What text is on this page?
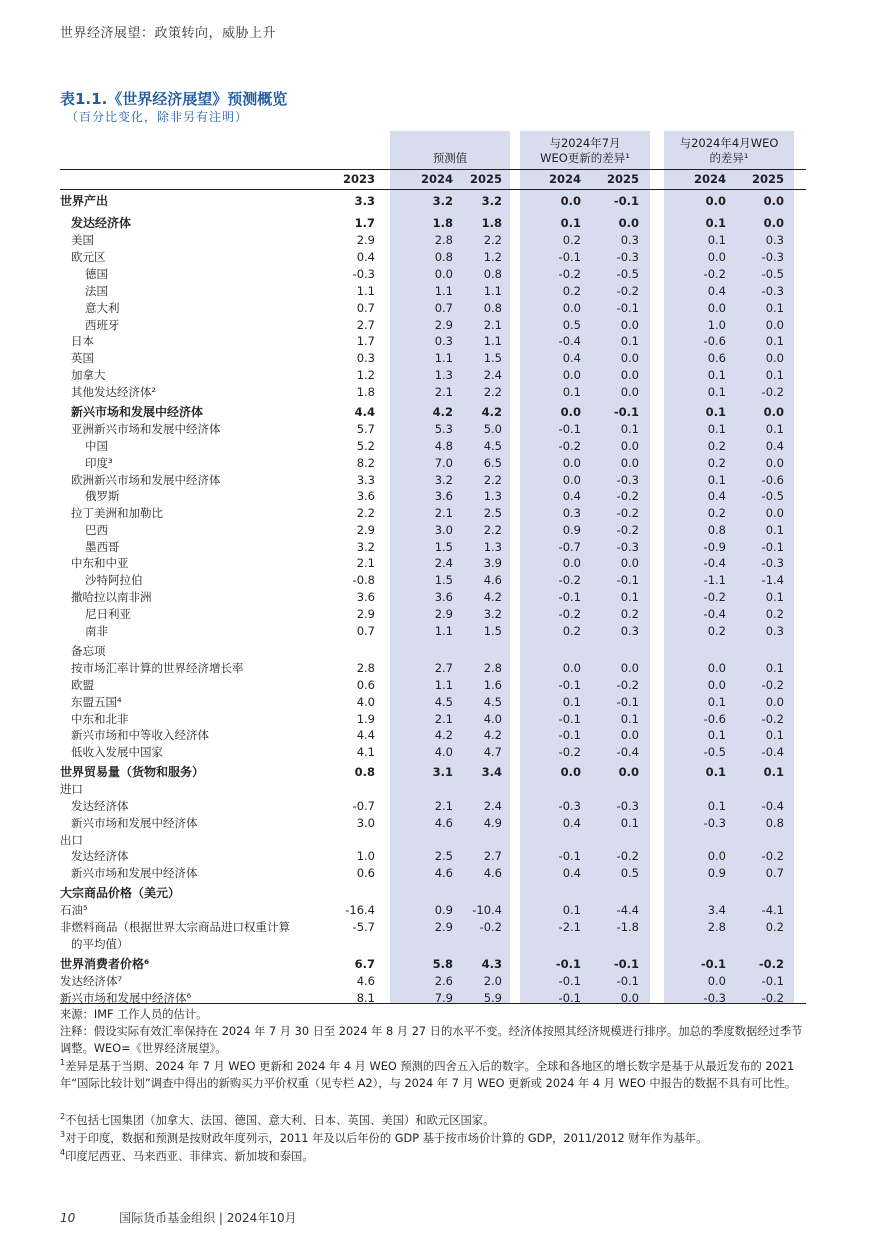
世界经济展望：政策转向，威胁上升
表1.1.《世界经济展望》预测概览
（百分比变化，除非另有注明）
预测值
与2024年7月WEO更新的差异¹
与2024年4月WEO的差异¹
2023	2024	2025	2024	2025	2024	2025
世界产出	3.3	3.2	3.2	0.0	-0.1	0.0	0.0
发达经济体	1.7	1.8	1.8	0.1	0.0	0.1	0.0
美国	2.9	2.8	2.2	0.2	0.3	0.1	0.3
欧元区	0.4	0.8	1.2	-0.1	-0.3	0.0	-0.3
德国	-0.3	0.0	0.8	-0.2	-0.5	-0.2	-0.5
法国	1.1	1.1	1.1	0.2	-0.2	0.4	-0.3
意大利	0.7	0.7	0.8	0.0	-0.1	0.0	0.1
西班牙	2.7	2.9	2.1	0.5	0.0	1.0	0.0
日本	1.7	0.3	1.1	-0.4	0.1	-0.6	0.1
英国	0.3	1.1	1.5	0.4	0.0	0.6	0.0
加拿大	1.2	1.3	2.4	0.0	0.0	0.1	0.1
其他发达经济体²	1.8	2.1	2.2	0.1	0.0	0.1	-0.2
新兴市场和发展中经济体	4.4	4.2	4.2	0.0	-0.1	0.1	0.0
亚洲新兴市场和发展中经济体	5.7	5.3	5.0	-0.1	0.1	0.1	0.1
中国	5.2	4.8	4.5	-0.2	0.0	0.2	0.4
印度³	8.2	7.0	6.5	0.0	0.0	0.2	0.0
欧洲新兴市场和发展中经济体	3.3	3.2	2.2	0.0	-0.3	0.1	-0.6
俄罗斯	3.6	3.6	1.3	0.4	-0.2	0.4	-0.5
拉丁美洲和加勒比	2.2	2.1	2.5	0.3	-0.2	0.2	0.0
巴西	2.9	3.0	2.2	0.9	-0.2	0.8	0.1
墨西哥	3.2	1.5	1.3	-0.7	-0.3	-0.9	-0.1
中东和中亚	2.1	2.4	3.9	0.0	0.0	-0.4	-0.3
沙特阿拉伯	-0.8	1.5	4.6	-0.2	-0.1	-1.1	-1.4
撒哈拉以南非洲	3.6	3.6	4.2	-0.1	0.1	-0.2	0.1
尼日利亚	2.9	2.9	3.2	-0.2	0.2	-0.4	0.2
南非	0.7	1.1	1.5	0.2	0.3	0.2	0.3
备忘项
按市场汇率计算的世界经济增长率	2.8	2.7	2.8	0.0	0.0	0.0	0.1
欧盟	0.6	1.1	1.6	-0.1	-0.2	0.0	-0.2
东盟五国⁴	4.0	4.5	4.5	0.1	-0.1	0.1	0.0
中东和北非	1.9	2.1	4.0	-0.1	0.1	-0.6	-0.2
新兴市场和中等收入经济体	4.4	4.2	4.2	-0.1	0.0	0.1	0.1
低收入发展中国家	4.1	4.0	4.7	-0.2	-0.4	-0.5	-0.4
世界贸易量（货物和服务）	0.8	3.1	3.4	0.0	0.0	0.1	0.1
进口
发达经济体	-0.7	2.1	2.4	-0.3	-0.3	0.1	-0.4
新兴市场和发展中经济体	3.0	4.6	4.9	0.4	0.1	-0.3	0.8
出口
发达经济体	1.0	2.5	2.7	-0.1	-0.2	0.0	-0.2
新兴市场和发展中经济体	0.6	4.6	4.6	0.4	0.5	0.9	0.7
大宗商品价格（美元）
石油⁵	-16.4	0.9	-10.4	0.1	-4.4	3.4	-4.1
非燃料商品（根据世界大宗商品进口权重计算	-5.7	2.9	-0.2	-2.1	-1.8	2.8	0.2
的平均值）
世界消费者价格⁶	6.7	5.8	4.3	-0.1	-0.1	-0.1	-0.2
发达经济体⁷	4.6	2.6	2.0	-0.1	-0.1	0.0	-0.1
新兴市场和发展中经济体⁶	8.1	7.9	5.9	-0.1	0.0	-0.3	-0.2
来源：IMF 工作人员的估计。
注释：假设实际有效汇率保持在 2024 年 7 月 30 日至 2024 年 8 月 27 日的水平不变。经济体按照其经济规模进行排序。加总的季度数据经过季节调整。WEO=《世界经济展望》。
$^1$差异是基于当期、2024 年 7 月 WEO 更新和 2024 年 4 月 WEO 预测的四舍五入后的数字。全球和各地区的增长数字是基于从最近发布的 2021 年“国际比较计划”调查中得出的新购买力平价权重（见专栏 A2），与 2024 年 7 月 WEO 更新或 2024 年 4 月 WEO 中报告的数据不具有可比性。
$^2$不包括七国集团（加拿大、法国、德国、意大利、日本、英国、美国）和欧元区国家。
$^3$对于印度，数据和预测是按财政年度列示，2011 年及以后年份的 GDP 基于按市场价计算的 GDP，2011/2012 财年作为基年。
$^4$印度尼西亚、马来西亚、菲律宾、新加坡和泰国。
10	国际货币基金组织 | 2024年10月
